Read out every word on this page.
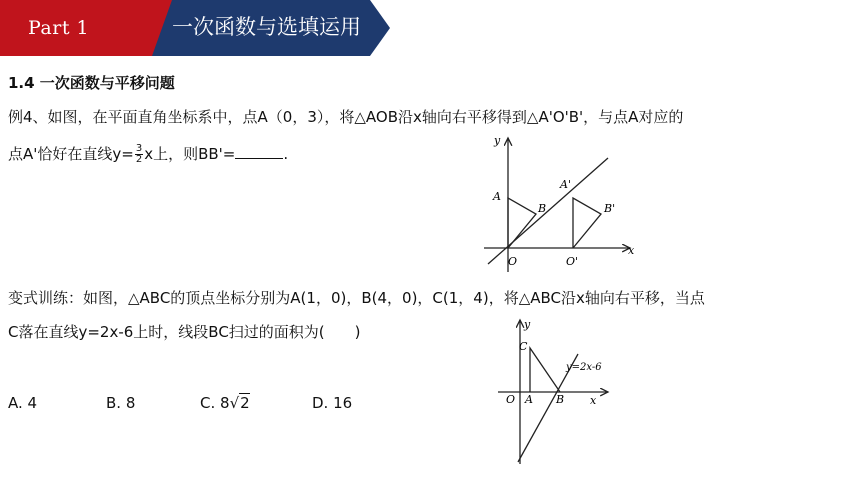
Part 1	一次函数与选填运用
1.4 一次函数与平移问题
例4、如图，在平面直角坐标系中，点A（0，3），将△AOB沿x轴向右平移得到△A'O'B'，与点A对应的
点A'恰好在直线$y= \frac{3}{2}$ x上，则BB'=	.
y
x
A
B
O
A'
B'
O'
变式训练：如图，△ABC的顶点坐标分别为A(1，0)，B(4，0)，C(1，4)，将△ABC沿x轴向右平移，当点
C落在直线y=2x-6上时，线段BC扫过的面积为(　　)	y
x
C
O A B
y=2x-6
A. 4	B. 8	C. 8√2	D. 16
